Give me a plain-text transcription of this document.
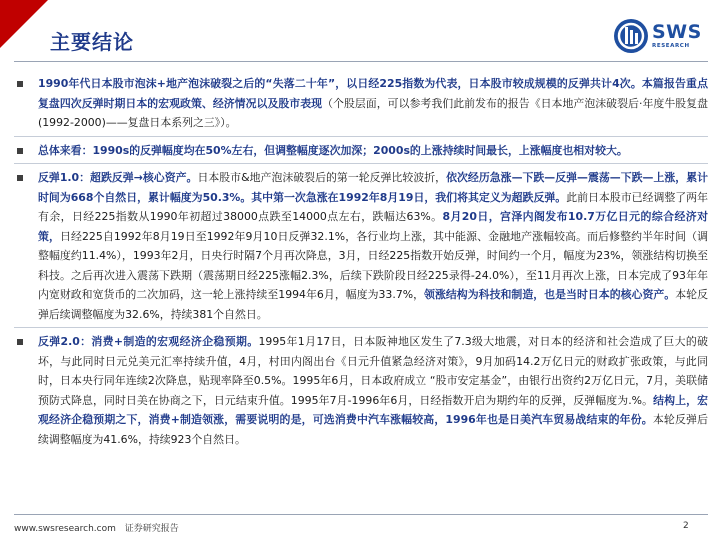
主要结论	SWS
RESEARCH
1990年代日本股市泡沫+地产泡沫破裂之后的“失落二十年”，以日经225指数为代表，日本股市较成规模的反弹共计4次。本篇报告重点复盘四次反弹时期日本的宏观政策、经济情况以及股市表现（个股层面，可以参考我们此前发布的报告《日本地产泡沫破裂后·年度牛股复盘(1992-2000)——复盘日本系列之三》）。
总体来看：1990s的反弹幅度均在50%左右，但调整幅度逐次加深；2000s的上涨持续时间最长，上涨幅度也相对较大。
反弹1.0：超跌反弹→核心资产。日本股市&地产泡沫破裂后的第一轮反弹比较波折，依次经历急涨—下跌—反弹—震荡—下跌—上涨，累计时间为668个自然日，累计幅度为50.3%。其中第一次急涨在1992年8月19日，我们将其定义为超跌反弹。此前日本股市已经调整了两年有余，日经225指数从1990年初超过38000点跌至14000点左右，跌幅达63%。8月20日，宫泽内阁发布10.7万亿日元的综合经济对策，日经225自1992年8月19日至1992年9月10日反弹32.1%，各行业均上涨，其中能源、金融地产涨幅较高。而后修整约半年时间（调整幅度约11.4%），1993年2月，日央行时隔7个月再次降息，3月，日经225指数开始反弹，时间约一个月，幅度为23%，领涨结构切换至科技。之后再次进入震荡下跌期（震荡期日经225涨幅2.3%，后续下跌阶段日经225录得-24.0%），至11月再次上涨，日本完成了93年年内宽财政和宽货币的二次加码，这一轮上涨持续至1994年6月，幅度为33.7%，领涨结构为科技和制造，也是当时日本的核心资产。本轮反弹后续调整幅度为32.6%，持续381个自然日。
反弹2.0：消费+制造的宏观经济企稳预期。1995年1月17日，日本阪神地区发生了7.3级大地震，对日本的经济和社会造成了巨大的破坏，与此同时日元兑美元汇率持续升值，4月，村田内阁出台《日元升值紧急经济对策》，9月加码14.2万亿日元的财政扩张政策，与此同时，日本央行同年连续2次降息，贴现率降至0.5%。1995年6月，日本政府成立 “股市安定基金”，由银行出资约2万亿日元，7月，美联储预防式降息，同时日美在协商之下，日元结束升值。1995年7月-1996年6月，日经指数开启为期约年的反弹，反弹幅度为.%。结构上，宏观经济企稳预期之下，消费+制造领涨，需要说明的是，可选消费中汽车涨幅较高，1996年也是日美汽车贸易战结束的年份。本轮反弹后续调整幅度为41.6%，持续923个自然日。
www.swsresearch.com 证券研究报告	2
